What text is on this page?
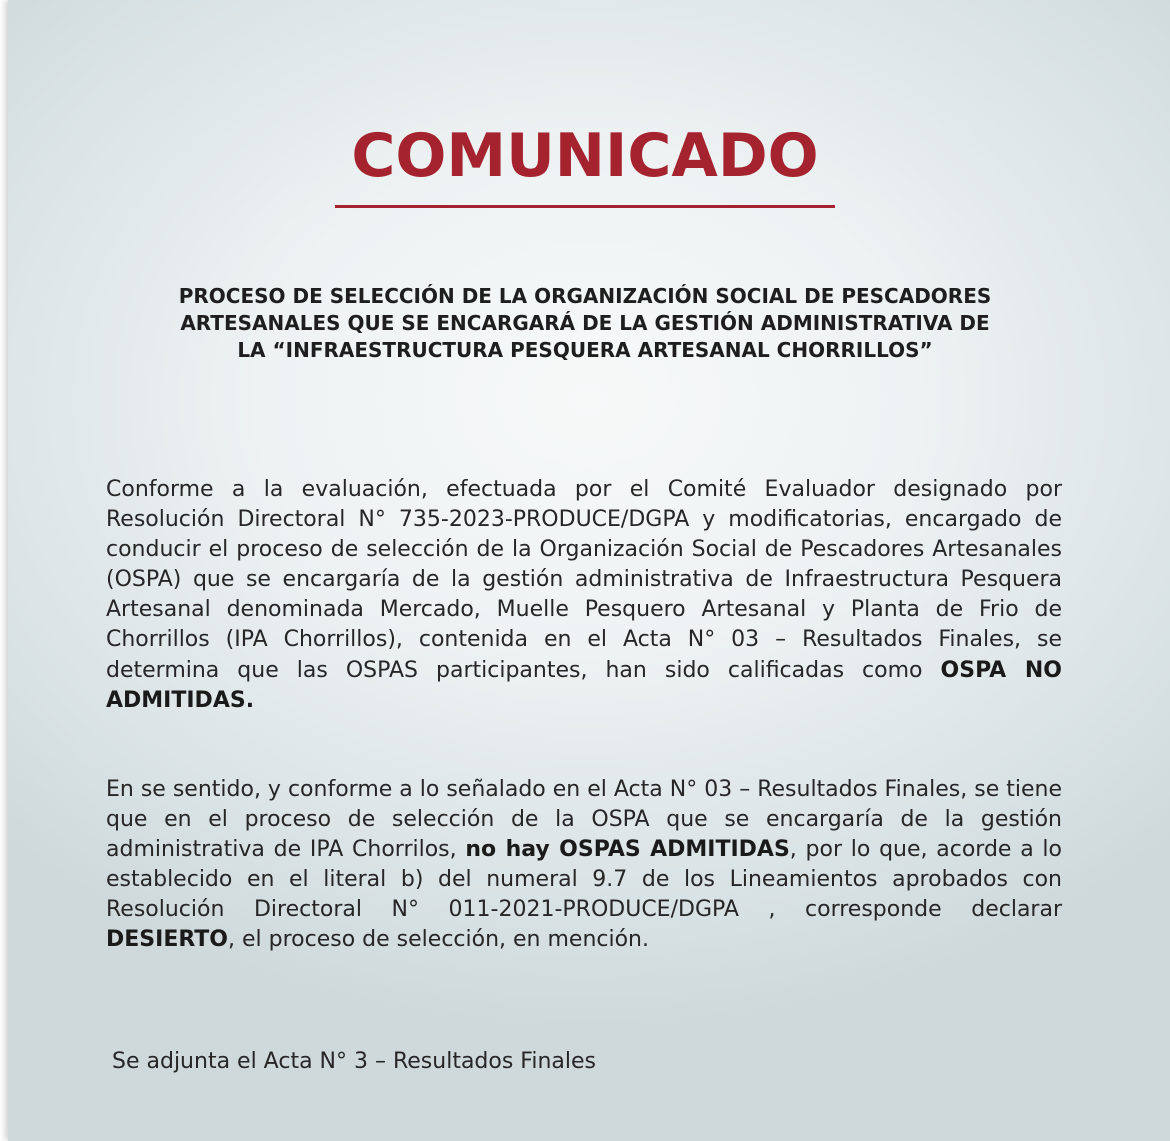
COMUNICADO
PROCESO DE SELECCIÓN DE LA ORGANIZACIÓN SOCIAL DE PESCADORES
ARTESANALES QUE SE ENCARGARÁ DE LA GESTIÓN ADMINISTRATIVA DE
LA “INFRAESTRUCTURA PESQUERA ARTESANAL CHORRILLOS”

Conforme a la evaluación, efectuada por el Comité Evaluador designado por Resolución Directoral N° 735-2023-PRODUCE/DGPA y modificatorias, encargado de conducir el proceso de selección de la Organización Social de Pescadores Artesanales (OSPA) que se encargaría de la gestión administrativa de Infraestructura Pesquera Artesanal denominada Mercado, Muelle Pesquero Artesanal y Planta de Frio de Chorrillos (IPA Chorrillos), contenida en el Acta N° 03 – Resultados Finales, se determina que las OSPAS participantes, han sido calificadas como OSPA NO ADMITIDAS.

En se sentido, y conforme a lo señalado en el Acta N° 03 – Resultados Finales, se tiene que en el proceso de selección de la OSPA que se encargaría de la gestión administrativa de IPA Chorrilos, no hay OSPAS ADMITIDAS, por lo que, acorde a lo establecido en el literal b) del numeral 9.7 de los Lineamientos aprobados con Resolución Directoral N° 011-2021-PRODUCE/DGPA , corresponde declarar DESIERTO, el proceso de selección, en mención.

Se adjunta el Acta N° 3 – Resultados Finales
